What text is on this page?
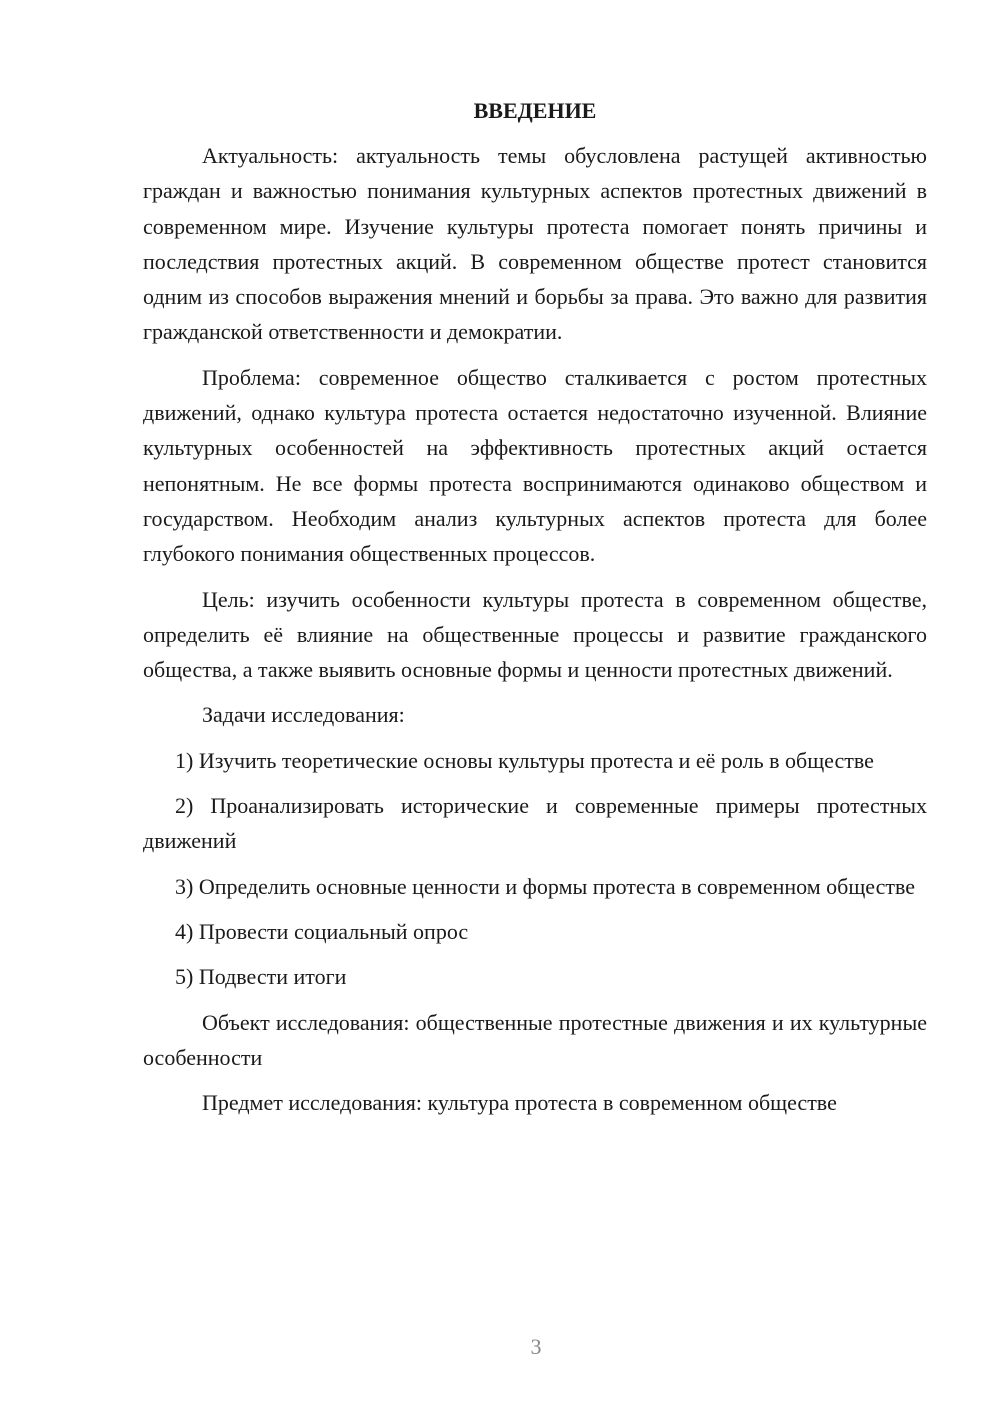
ВВЕДЕНИЕ

Актуальность: актуальность темы обусловлена растущей активностью граждан и важностью понимания культурных аспектов протестных движений в современном мире. Изучение культуры протеста помогает понять причины и последствия протестных акций. В современном обществе протест становится одним из способов выражения мнений и борьбы за права. Это важно для развития гражданской ответственности и демократии.

Проблема: современное общество сталкивается с ростом протестных движений, однако культура протеста остается недостаточно изученной. Влияние культурных особенностей на эффективность протестных акций остается непонятным. Не все формы протеста воспринимаются одинаково обществом и государством. Необходим анализ культурных аспектов протеста для более глубокого понимания общественных процессов.

Цель: изучить особенности культуры протеста в современном обществе, определить её влияние на общественные процессы и развитие гражданского общества, а также выявить основные формы и ценности протестных движений.

Задачи исследования:

1) Изучить теоретические основы культуры протеста и её роль в обществе

2) Проанализировать исторические и современные примеры протестных движений

3) Определить основные ценности и формы протеста в современном обществе

4) Провести социальный опрос

5) Подвести итоги

Объект исследования: общественные протестные движения и их культурные особенности

Предмет исследования: культура протеста в современном обществе

3
